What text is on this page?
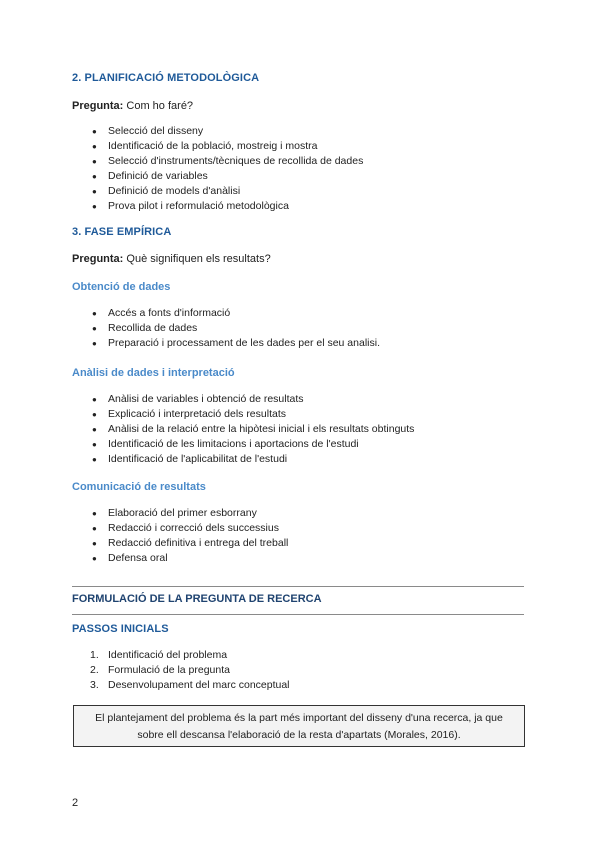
2. PLANIFICACIÓ METODOLÒGICA
Pregunta: Com ho faré?
● Selecció del disseny
● Identificació de la població, mostreig i mostra
● Selecció d'instruments/tècniques de recollida de dades
● Definició de variables
● Definició de models d'anàlisi
● Prova pilot i reformulació metodològica
3. FASE EMPÍRICA
Pregunta: Què signifiquen els resultats?
Obtenció de dades
● Accés a fonts d'informació
● Recollida de dades
● Preparació i processament de les dades per el seu analisi.
Anàlisi de dades i interpretació
● Anàlisi de variables i obtenció de resultats
● Explicació i interpretació dels resultats
● Anàlisi de la relació entre la hipòtesi inicial i els resultats obtinguts
● Identificació de les limitacions i aportacions de l'estudi
● Identificació de l'aplicabilitat de l'estudi
Comunicació de resultats
● Elaboració del primer esborrany
● Redacció i correcció dels successius
● Redacció definitiva i entrega del treball
● Defensa oral
FORMULACIÓ DE LA PREGUNTA DE RECERCA
PASSOS INICIALS
1. Identificació del problema
2. Formulació de la pregunta
3. Desenvolupament del marc conceptual
El plantejament del problema és la part més important del disseny d'una recerca, ja que
sobre ell descansa l'elaboració de la resta d'apartats (Morales, 2016).
2
